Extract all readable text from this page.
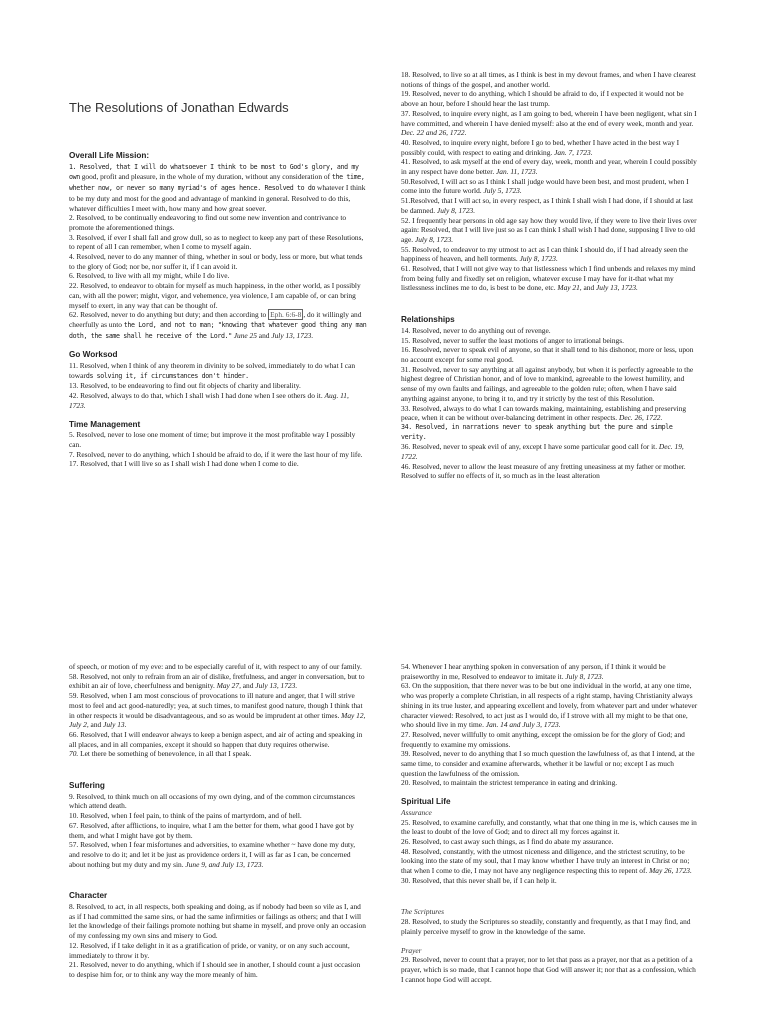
The Resolutions of Jonathan Edwards
Overall Life Mission:

1. Resolved, that I will do whatsoever I think to be most to God's glory, and my own good, profit and pleasure, in the whole of my duration, without any consideration of the time, whether now, or never so many myriad's of ages hence. Resolved to do whatever I think to be my duty and most for the good and advantage of mankind in general. Resolved to do this, whatever difficulties I meet with, how many and how great soever.

2. Resolved, to be continually endeavoring to find out some new invention and contrivance to promote the aforementioned things.

3. Resolved, if ever I shall fall and grow dull, so as to neglect to keep any part of these Resolutions, to repent of all I can remember, when I come to myself again.

4. Resolved, never to do any manner of thing, whether in soul or body, less or more, but what tends to the glory of God; nor be, nor suffer it, if I can avoid it.

6. Resolved, to live with all my might, while I do live.

22. Resolved, to endeavor to obtain for myself as much happiness, in the other world, as I possibly can, with all the power; might, vigor, and vehemence, yea violence, I am capable of, or can bring myself to exert, in any way that can be thought of.

62. Resolved, never to do anything but duty; and then according to Eph. 6:6-8 , do it willingly and cheerfully as unto the Lord, and not to man; "knowing that whatever good thing any man doth, the same shall he receive of the Lord." June 25 and July 13, 1723.

Go Worksod

11. Resolved, when I think of any theorem in divinity to be solved, immediately to do what I can towards solving it, if circumstances don't hinder.

13. Resolved, to be endeavoring to find out fit objects of charity and liberality.

42. Resolved, always to do that, which I shall wish I had done when I see others do it. Aug. 11, 1723.

Time Management

5. Resolved, never to lose one moment of time; but improve it the most profitable way I possibly can.

7. Resolved, never to do anything, which I should be afraid to do, if it were the last hour of my life.

17. Resolved, that I will live so as I shall wish I had done when I come to die.

18. Resolved, to live so at all times, as I think is best in my devout frames, and when I have clearest notions of things of the gospel, and another world.

19. Resolved, never to do anything, which I should be afraid to do, if I expected it would not be above an hour, before I should hear the last trump.

37. Resolved, to inquire every night, as I am going to bed, wherein I have been negligent, what sin I have committed, and wherein I have denied myself: also at the end of every week, month and year. Dec. 22 and 26, 1722.

40. Resolved, to inquire every night, before I go to bed, whether I have acted in the best way I possibly could, with respect to eating and drinking. Jan. 7, 1723.

41. Resolved, to ask myself at the end of every day, week, month and year, wherein I could possibly in any respect have done better. Jan. 11, 1723.

50.Resolved, I will act so as I think I shall judge would have been best, and most prudent, when I come into the future world. July 5, 1723.

51.Resolved, that I will act so, in every respect, as I think I shall wish I had done, if I should at last be damned. July 8, 1723.

52. I frequently hear persons in old age say how they would live, if they were to live their lives over again: Resolved, that I will live just so as I can think I shall wish I had done, supposing I live to old age. July 8, 1723.

55. Resolved, to endeavor to my utmost to act as I can think I should do, if I had already seen the happiness of heaven, and hell torments. July 8, 1723.

61. Resolved, that I will not give way to that listlessness which I find unbends and relaxes my mind from being fully and fixedly set on religion, whatever excuse I may have for it-that what my listlessness inclines me to do, is best to be done, etc. May 21, and July 13, 1723.

Relationships

14. Resolved, never to do anything out of revenge.

15. Resolved, never to suffer the least motions of anger to irrational beings.

16. Resolved, never to speak evil of anyone, so that it shall tend to his dishonor, more or less, upon no account except for some real good.

31. Resolved, never to say anything at all against anybody, but when it is perfectly agreeable to the highest degree of Christian honor, and of love to mankind, agreeable to the lowest humility, and sense of my own faults and failings, and agreeable to the golden rule; often, when I have said anything against anyone, to bring it to, and try it strictly by the test of this Resolution.

33. Resolved, always to do what I can towards making, maintaining, establishing and preserving peace, when it can be without over-balancing detriment in other respects. Dec. 26, 1722.

34. Resolved, in narrations never to speak anything but the pure and simple verity.

36. Resolved, never to speak evil of any, except I have some particular good call for it. Dec. 19, 1722.

46. Resolved, never to allow the least measure of any fretting uneasiness at my father or mother. Resolved to suffer no effects of it, so much as in the least alteration

of speech, or motion of my eve: and to be especially careful of it, with respect to any of our family.

58. Resolved, not only to refrain from an air of dislike, fretfulness, and anger in conversation, but to exhibit an air of love, cheerfulness and benignity. May 27, and July 13, 1723.

59. Resolved, when I am most conscious of provocations to ill nature and anger, that I will strive most to feel and act good-naturedly; yea, at such times, to manifest good nature, though I think that in other respects it would be disadvantageous, and so as would be imprudent at other times. May 12, July 2, and July 13.

66. Resolved, that I will endeavor always to keep a benign aspect, and air of acting and speaking in all places, and in all companies, except it should so happen that duty requires otherwise.

70. Let there be something of benevolence, in all that I speak.

Suffering

9. Resolved, to think much on all occasions of my own dying, and of the common circumstances which attend death.

10. Resolved, when I feel pain, to think of the pains of martyrdom, and of hell.

67. Resolved, after afflictions, to inquire, what I am the better for them, what good I have got by them, and what I might have got by them.

57. Resolved, when I fear misfortunes and adversities, to examine whether ~ have done my duty, and resolve to do it; and let it be just as providence orders it, I will as far as I can, be concerned about nothing but my duty and my sin. June 9, and July 13, 1723.

Character

8. Resolved, to act, in all respects, both speaking and doing, as if nobody had been so vile as I, and as if I had committed the same sins, or had the same infirmities or failings as others; and that I will let the knowledge of their failings promote nothing but shame in myself, and prove only an occasion of my confessing my own sins and misery to God.

12. Resolved, if I take delight in it as a gratification of pride, or vanity, or on any such account, immediately to throw it by.

21. Resolved, never to do anything, which if I should see in another, I should count a just occasion to despise him for, or to think any way the more meanly of him.

54. Whenever I hear anything spoken in conversation of any person, if I think it would be praiseworthy in me, Resolved to endeavor to imitate it. July 8, 1723.

63. On the supposition, that there never was to be but one individual in the world, at any one time, who was properly a complete Christian, in all respects of a right stamp, having Christianity always shining in its true luster, and appearing excellent and lovely, from whatever part and under whatever character viewed: Resolved, to act just as I would do, if I strove with all my might to be that one, who should live in my time. Jan. 14 and July 3, 1723.

27. Resolved, never willfully to omit anything, except the omission be for the glory of God; and frequently to examine my omissions.

39. Resolved, never to do anything that I so much question the lawfulness of, as that I intend, at the same time, to consider and examine afterwards, whether it be lawful or no; except I as much question the lawfulness of the omission.

20. Resolved, to maintain the strictest temperance in eating and drinking.

Spiritual Life
Assurance

25. Resolved, to examine carefully, and constantly, what that one thing in me is, which causes me in the least to doubt of the love of God; and to direct all my forces against it.

26. Resolved, to cast away such things, as I find do abate my assurance.

48. Resolved, constantly, with the utmost niceness and diligence, and the strictest scrutiny, to be looking into the state of my soul, that I may know whether I have truly an interest in Christ or no; that when I come to die, I may not have any negligence respecting this to repent of. May 26, 1723.

30. Resolved, that this never shall be, if I can help it.

The Scriptures

28. Resolved, to study the Scriptures so steadily, constantly and frequently, as that I may find, and plainly perceive myself to grow in the knowledge of the same.

Prayer

29. Resolved, never to count that a prayer, nor to let that pass as a prayer, nor that as a petition of a prayer, which is so made, that I cannot hope that God will answer it; nor that as a confession, which I cannot hope God will accept.
